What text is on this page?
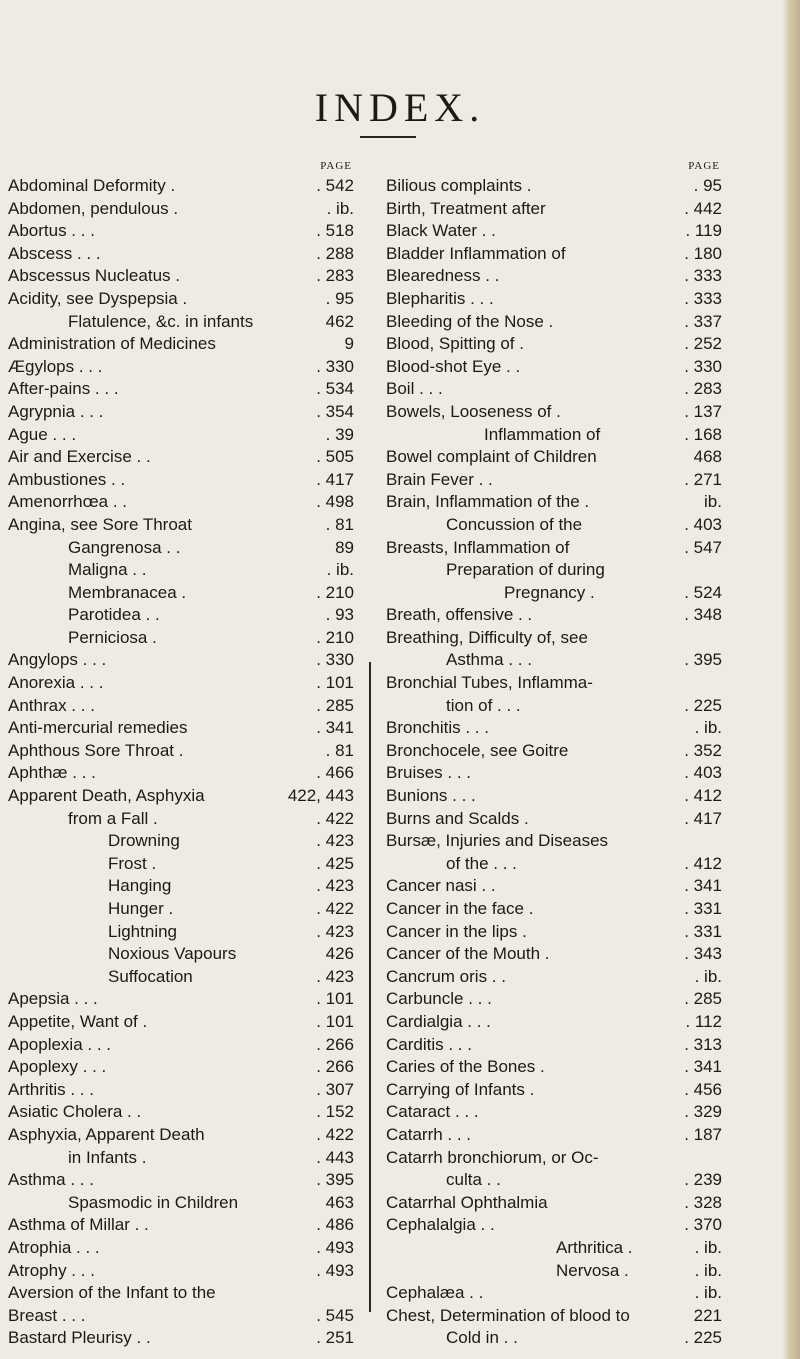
INDEX.
PAGE
Abdominal Deformity .	. 542
Abdomen, pendulous .	. ib.
Abortus . . .	. 518
Abscess . . .	. 288
Abscessus Nucleatus .	. 283
Acidity, see Dyspepsia .	. 95
Flatulence, &c. in infants	462
Administration of Medicines	9
Ægylops . . .	. 330
After-pains . . .	. 534
Agrypnia . . .	. 354
Ague . . .	. 39
Air and Exercise . .	. 505
Ambustiones . .	. 417
Amenorrhœa . .	. 498
Angina, see Sore Throat	. 81
Gangrenosa . .	89
Maligna . .	. ib.
Membranacea .	. 210
Parotidea . .	. 93
Perniciosa .	. 210
Angylops . . .	. 330
Anorexia . . .	. 101
Anthrax . . .	. 285
Anti-mercurial remedies	. 341
Aphthous Sore Throat .	. 81
Aphthæ . . .	. 466
Apparent Death, Asphyxia	422, 443
from a Fall .	. 422
Drowning	. 423
Frost .	. 425
Hanging	. 423
Hunger .	. 422
Lightning	. 423
Noxious Vapours	426
Suffocation	. 423
Apepsia . . .	. 101
Appetite, Want of .	. 101
Apoplexia . . .	. 266
Apoplexy . . .	. 266
Arthritis . . .	. 307
Asiatic Cholera . .	. 152
Asphyxia, Apparent Death	. 422
in Infants .	. 443
Asthma . . .	. 395
Spasmodic in Children	463
Asthma of Millar . .	. 486
Atrophia . . .	. 493
Atrophy . . .	. 493
Aversion of the Infant to the
Breast . . .	. 545
Bastard Pleurisy . .	. 251
PAGE
Bilious complaints .	. 95
Birth, Treatment after	. 442
Black Water . .	. 119
Bladder Inflammation of	. 180
Blearedness . .	. 333
Blepharitis . . .	. 333
Bleeding of the Nose .	. 337
Blood, Spitting of .	. 252
Blood-shot Eye . .	. 330
Boil . . .	. 283
Bowels, Looseness of .	. 137
Inflammation of	. 168
Bowel complaint of Children	468
Brain Fever . .	. 271
Brain, Inflammation of the .	ib.
Concussion of the	. 403
Breasts, Inflammation of	. 547
Preparation of during
Pregnancy .	. 524
Breath, offensive . .	. 348
Breathing, Difficulty of, see
Asthma . . .	. 395
Bronchial Tubes, Inflamma-
tion of . . .	. 225
Bronchitis . . .	. ib.
Bronchocele, see Goitre	. 352
Bruises . . .	. 403
Bunions . . .	. 412
Burns and Scalds .	. 417
Bursæ, Injuries and Diseases
of the . . .	. 412
Cancer nasi . .	. 341
Cancer in the face .	. 331
Cancer in the lips .	. 331
Cancer of the Mouth .	. 343
Cancrum oris . .	. ib.
Carbuncle . . .	. 285
Cardialgia . . .	. 112
Carditis . . .	. 313
Caries of the Bones .	. 341
Carrying of Infants .	. 456
Cataract . . .	. 329
Catarrh . . .	. 187
Catarrh bronchiorum, or Oc-
culta . .	. 239
Catarrhal Ophthalmia	. 328
Cephalalgia . .	. 370
Arthritica .	. ib.
Nervosa .	. ib.
Cephalæa . .	. ib.
Chest, Determination of blood to	221
Cold in . .	. 225
